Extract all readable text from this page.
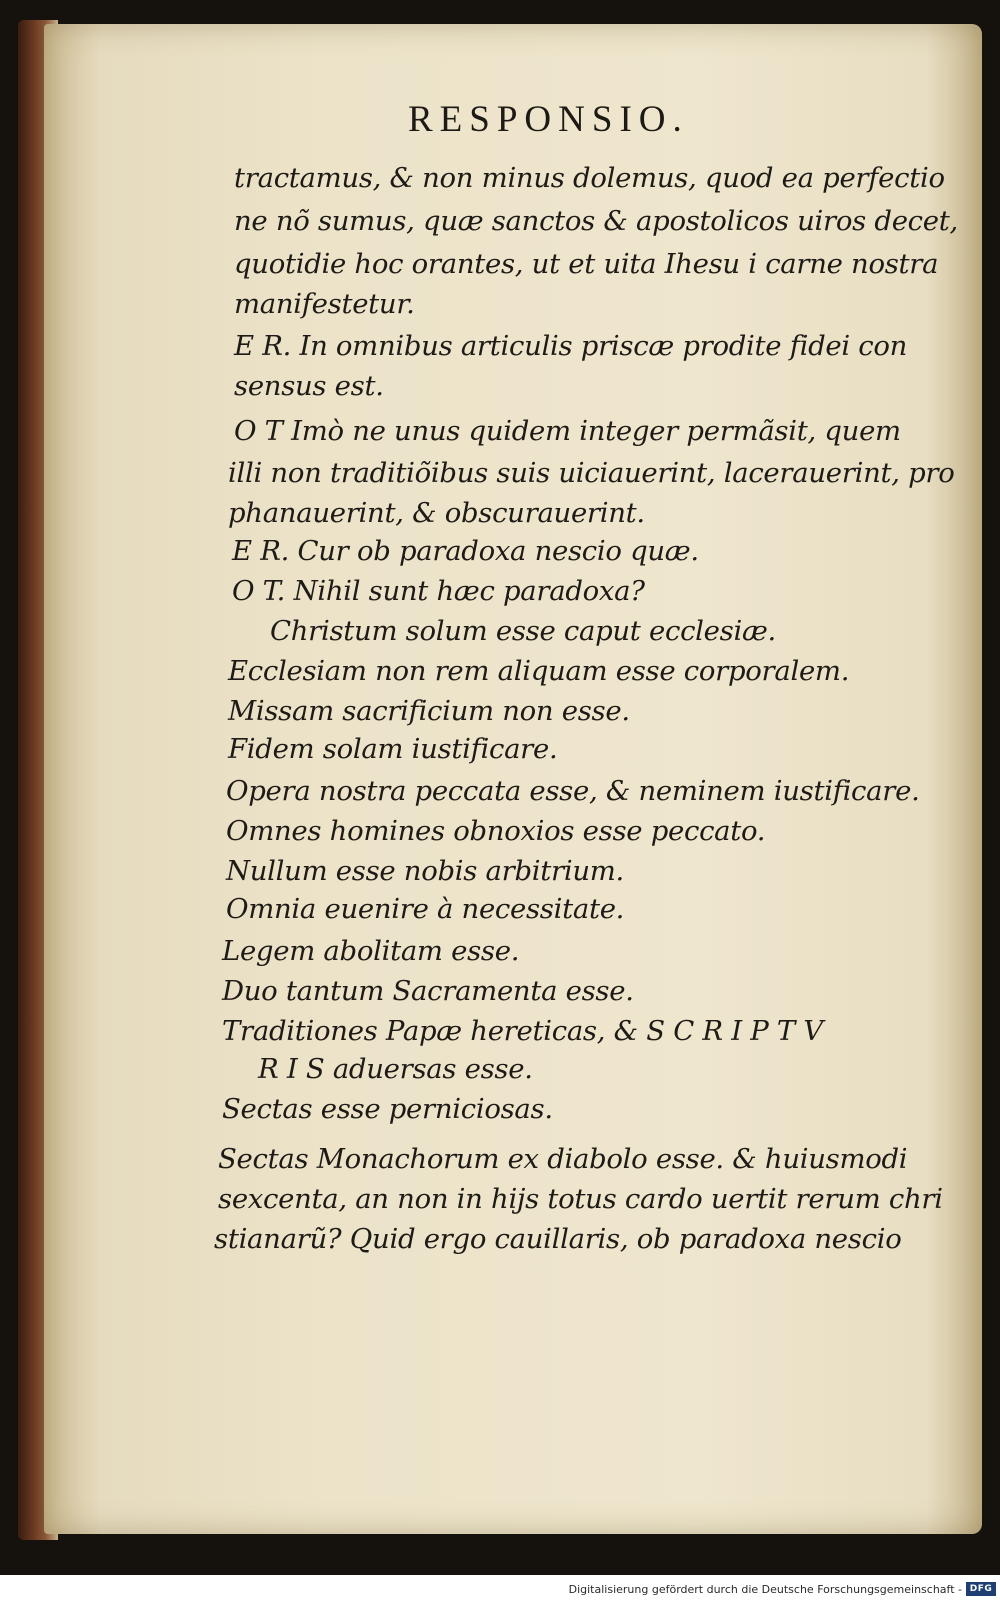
RESPONSIO.
tractamus, & non minus dolemus, quod ea perfectio
ne nõ sumus, quæ sanctos & apostolicos uiros decet,
quotidie hoc orantes, ut et uita Ihesu i carne nostra
manifestetur.
E R. In omnibus articulis priscæ prodite fidei con
sensus est.
O T Imò ne unus quidem integer permãsit, quem
illi non traditiõibus suis uiciauerint, lacerauerint, pro
phanauerint, & obscurauerint.
E R. Cur ob paradoxa nescio quæ.
O T. Nihil sunt hæc paradoxa?
Christum solum esse caput ecclesiæ.
Ecclesiam non rem aliquam esse corporalem.
Missam sacrificium non esse.
Fidem solam iustificare.
Opera nostra peccata esse, & neminem iustificare.
Omnes homines obnoxios esse peccato.
Nullum esse nobis arbitrium.
Omnia euenire à necessitate.
Legem abolitam esse.
Duo tantum Sacramenta esse.
Traditiones Papæ hereticas, & S C R I P T V
R I S aduersas esse.
Sectas esse perniciosas.
Sectas Monachorum ex diabolo esse. & huiusmodi
sexcenta, an non in hijs totus cardo uertit rerum chri
stianarũ? Quid ergo cauillaris, ob paradoxa nescio
Digitalisierung gefördert durch die Deutsche Forschungsgemeinschaft - DFG
